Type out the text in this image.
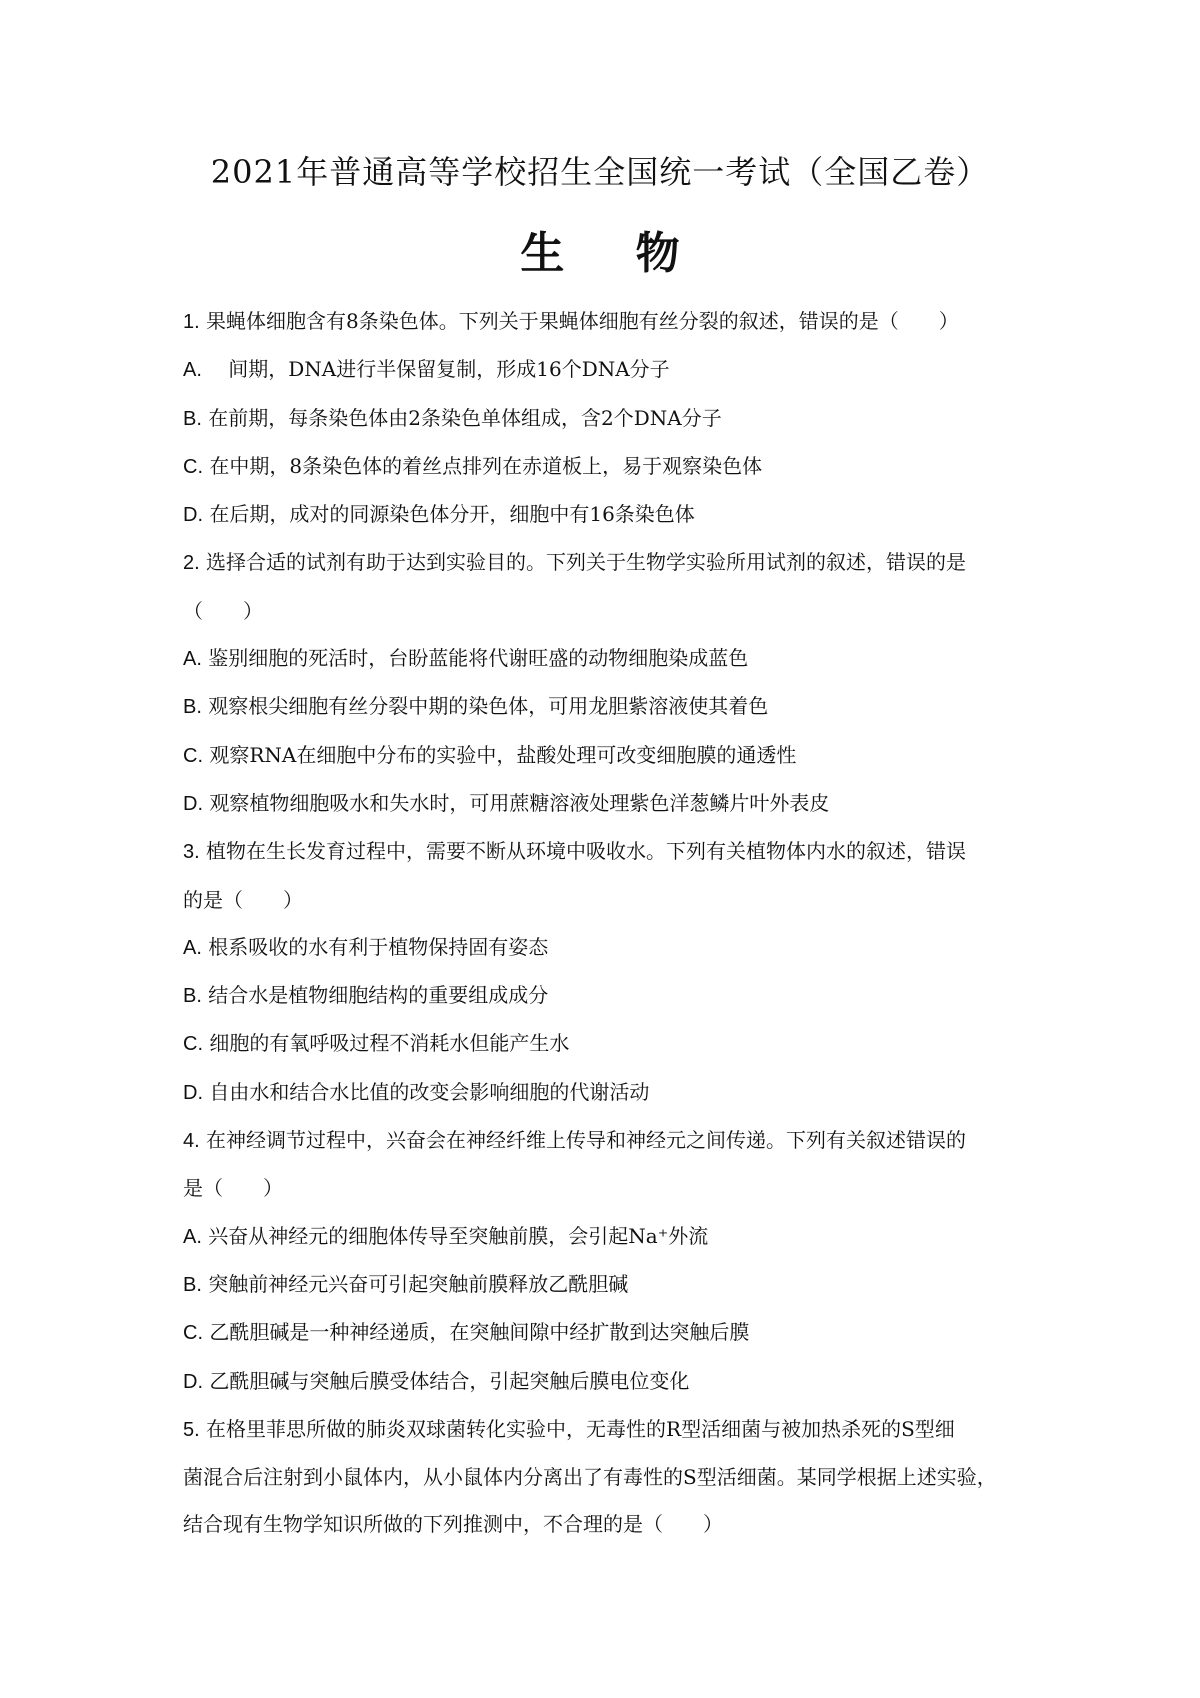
2021年普通高等学校招生全国统一考试（全国乙卷）
生 物
1. 果蝇体细胞含有8条染色体。下列关于果蝇体细胞有丝分裂的叙述，错误的是（　　）
A. 　间期，DNA进行半保留复制，形成16个DNA分子
B. 在前期，每条染色体由2条染色单体组成，含2个DNA分子
C. 在中期，8条染色体的着丝点排列在赤道板上，易于观察染色体
D. 在后期，成对的同源染色体分开，细胞中有16条染色体
2. 选择合适的试剂有助于达到实验目的。下列关于生物学实验所用试剂的叙述，错误的是
（　　）
A. 鉴别细胞的死活时，台盼蓝能将代谢旺盛的动物细胞染成蓝色
B. 观察根尖细胞有丝分裂中期的染色体，可用龙胆紫溶液使其着色
C. 观察RNA在细胞中分布的实验中，盐酸处理可改变细胞膜的通透性
D. 观察植物细胞吸水和失水时，可用蔗糖溶液处理紫色洋葱鳞片叶外表皮
3. 植物在生长发育过程中，需要不断从环境中吸收水。下列有关植物体内水的叙述，错误
的是（　　）
A. 根系吸收的水有利于植物保持固有姿态
B. 结合水是植物细胞结构的重要组成成分
C. 细胞的有氧呼吸过程不消耗水但能产生水
D. 自由水和结合水比值的改变会影响细胞的代谢活动
4. 在神经调节过程中，兴奋会在神经纤维上传导和神经元之间传递。下列有关叙述错误的
是（　　）
A. 兴奋从神经元的细胞体传导至突触前膜，会引起Na⁺外流
B. 突触前神经元兴奋可引起突触前膜释放乙酰胆碱
C. 乙酰胆碱是一种神经递质，在突触间隙中经扩散到达突触后膜
D. 乙酰胆碱与突触后膜受体结合，引起突触后膜电位变化
5. 在格里菲思所做的肺炎双球菌转化实验中，无毒性的R型活细菌与被加热杀死的S型细
菌混合后注射到小鼠体内，从小鼠体内分离出了有毒性的S型活细菌。某同学根据上述实验，
结合现有生物学知识所做的下列推测中，不合理的是（　　）
